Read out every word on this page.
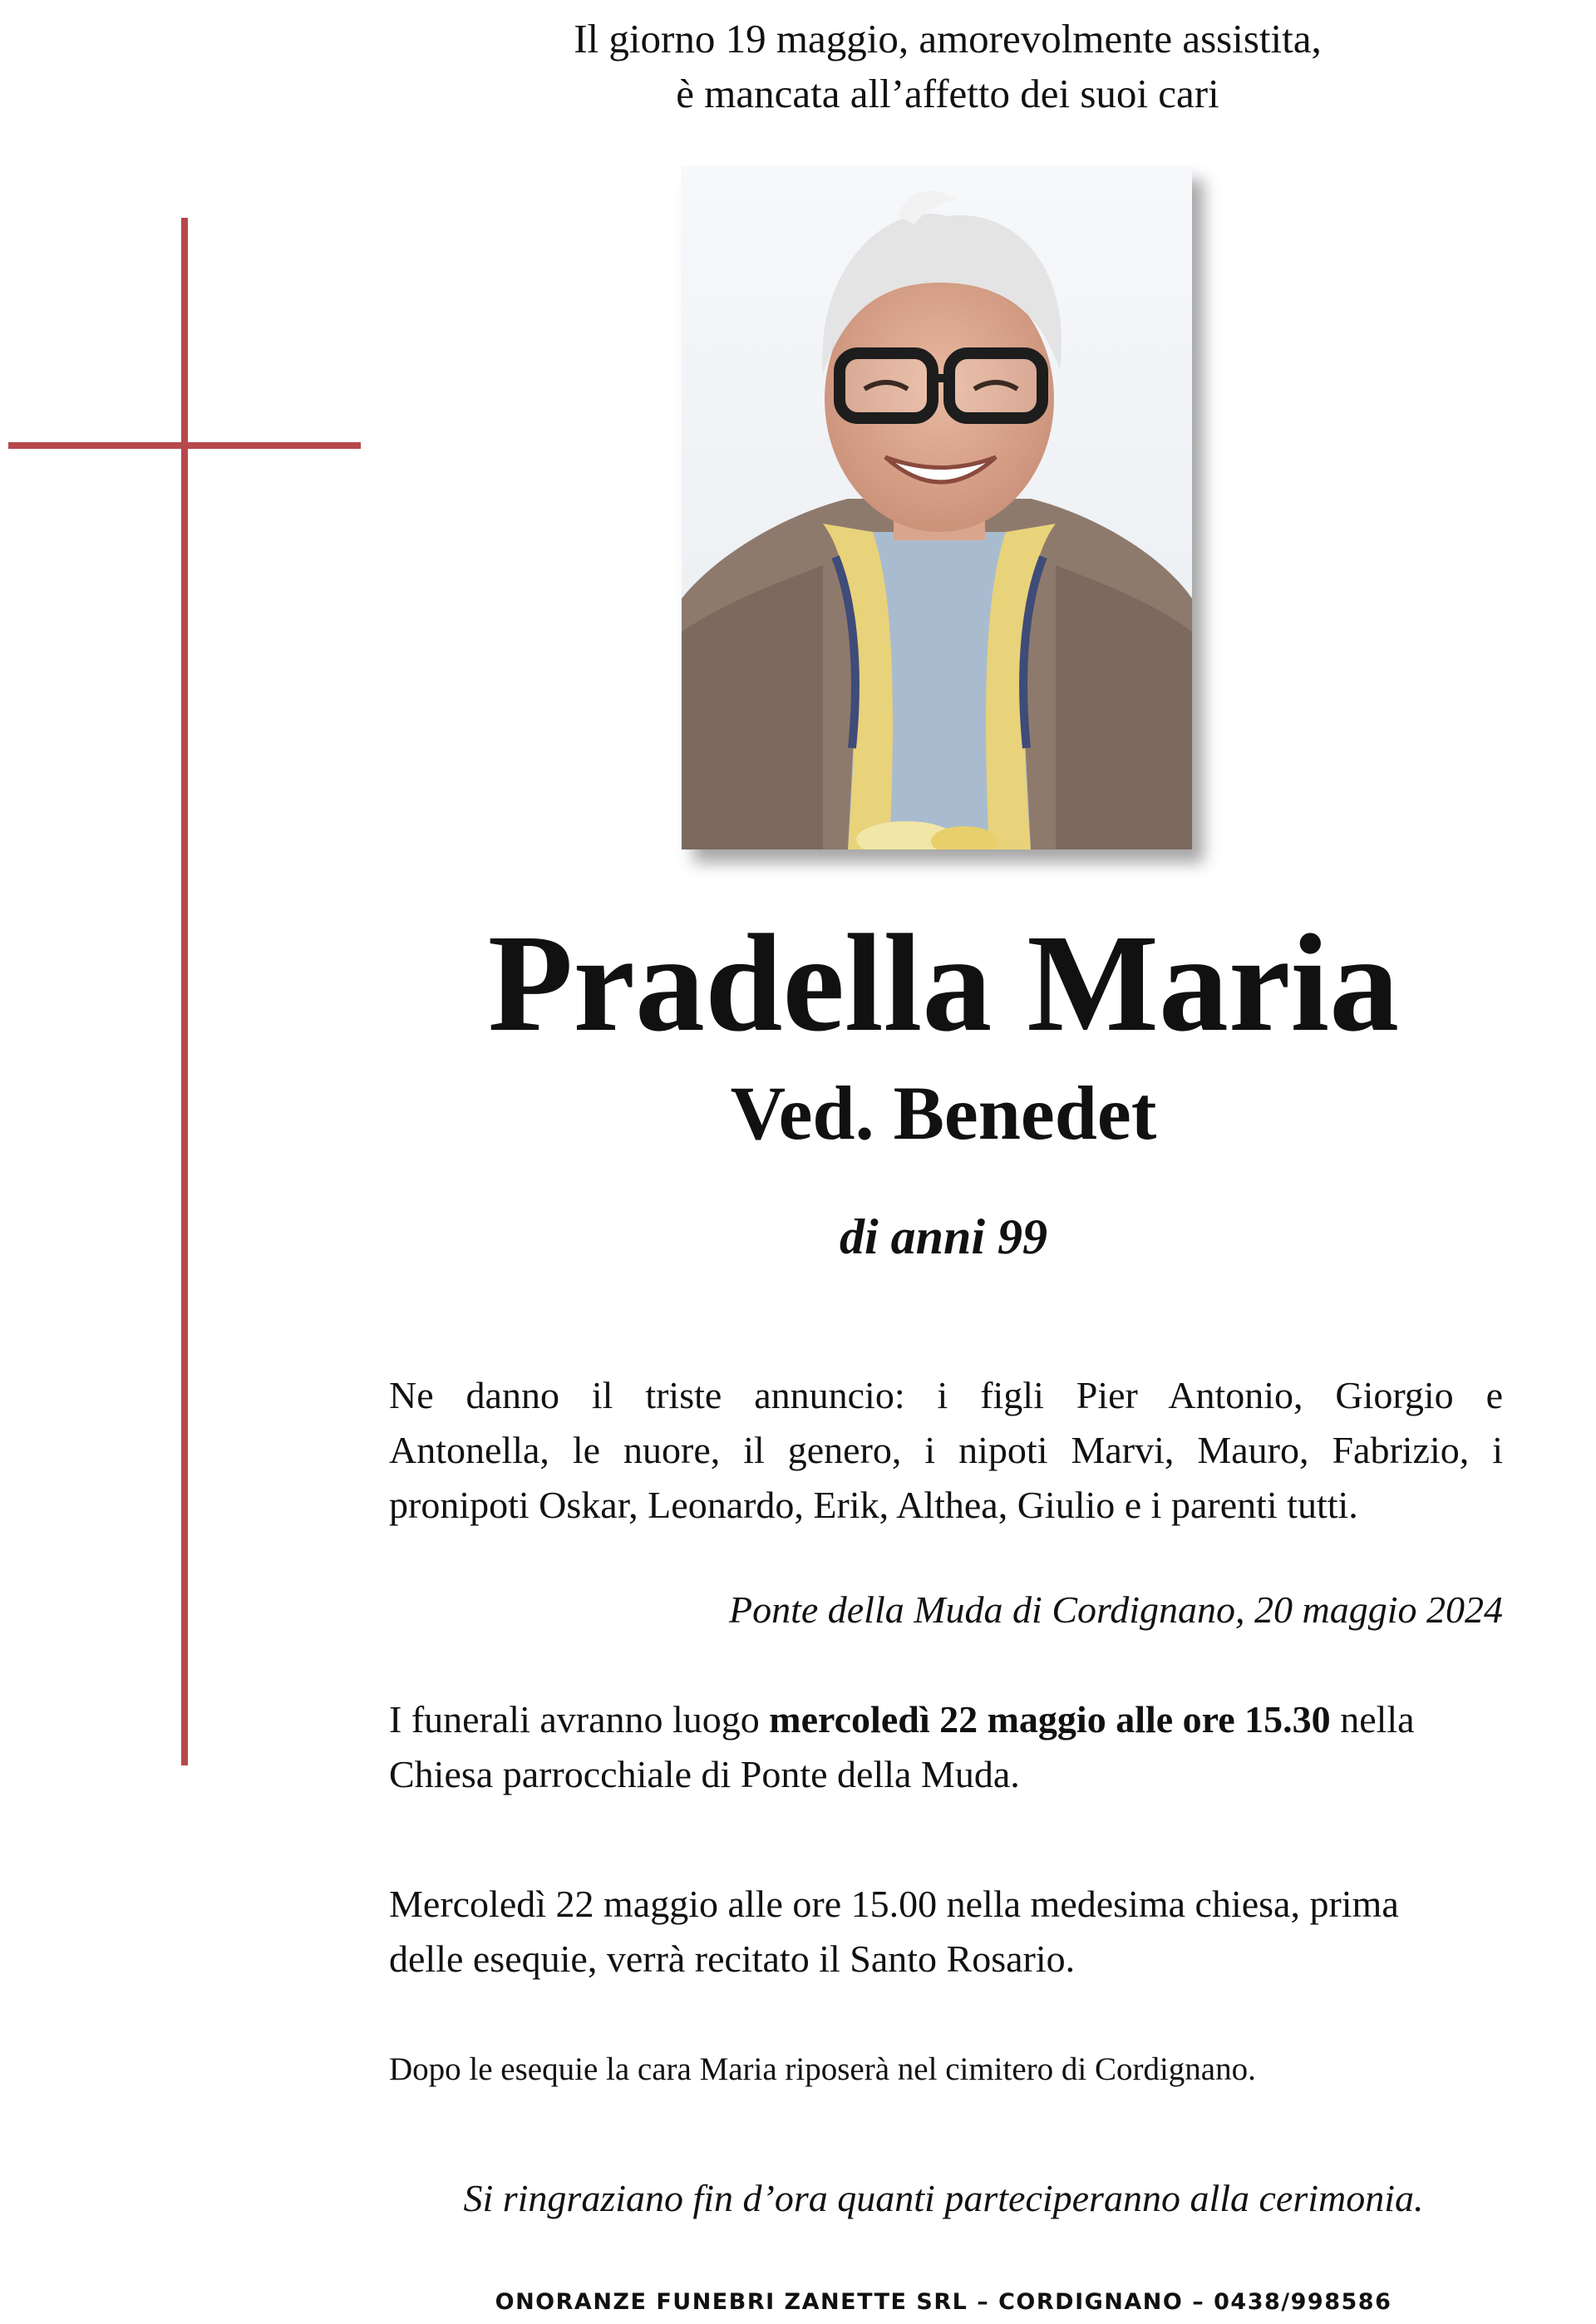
Il giorno 19 maggio, amorevolmente assistita,
è mancata all’affetto dei suoi cari
Pradella Maria
Ved. Benedet
di anni 99
Ne danno il triste annuncio: i figli Pier Antonio, Giorgio e
Antonella, le nuore, il genero, i nipoti Marvi, Mauro, Fabrizio, i
pronipoti Oskar, Leonardo, Erik, Althea, Giulio e i parenti tutti.
Ponte della Muda di Cordignano, 20 maggio 2024
I funerali avranno luogo mercoledì 22 maggio alle ore 15.30 nella
Chiesa parrocchiale di Ponte della Muda.
Mercoledì 22 maggio alle ore 15.00 nella medesima chiesa, prima
delle esequie, verrà recitato il Santo Rosario.
Dopo le esequie la cara Maria riposerà nel cimitero di Cordignano.
Si ringraziano fin d’ora quanti parteciperanno alla cerimonia.
ONORANZE FUNEBRI ZANETTE SRL – CORDIGNANO – 0438/998586
